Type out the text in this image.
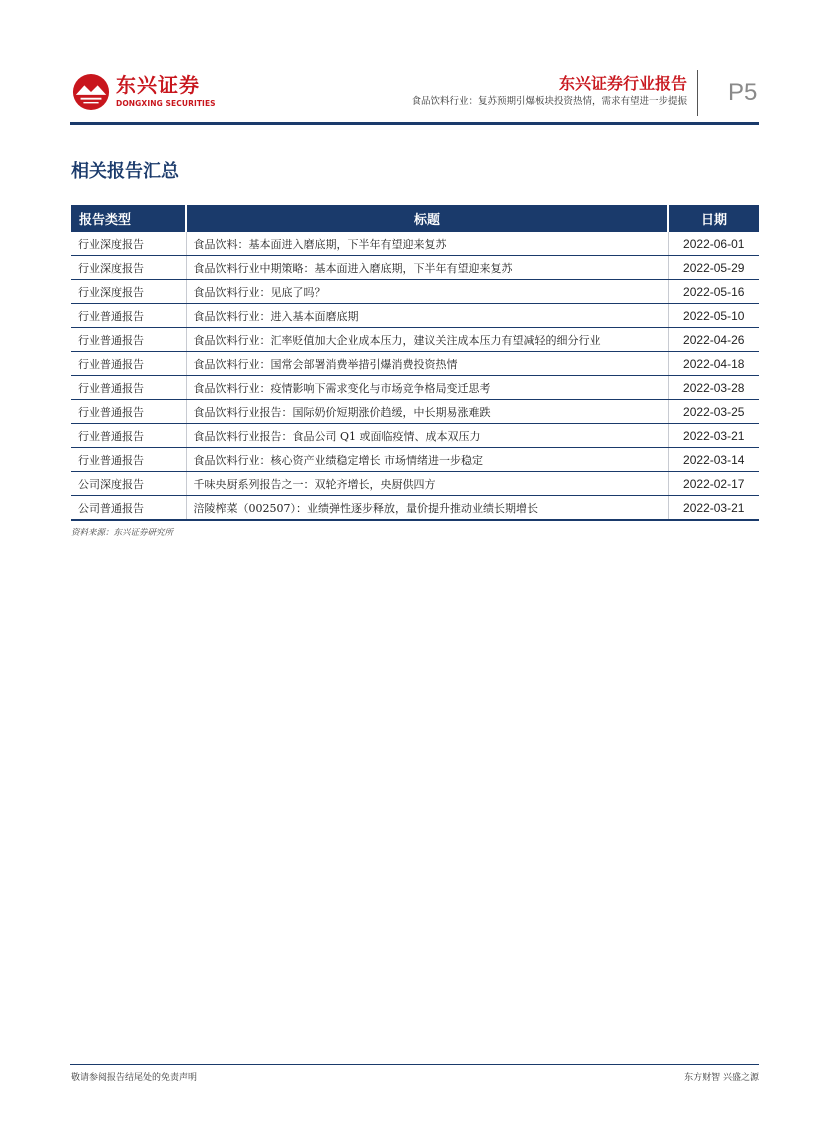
东兴证券
DONGXING SECURITIES
东兴证券行业报告
食品饮料行业：复苏预期引爆板块投资热情，需求有望进一步提振 P5
相关报告汇总
报告类型	标题	日期
行业深度报告	食品饮料：基本面进入磨底期，下半年有望迎来复苏	2022-06-01
行业深度报告	食品饮料行业中期策略：基本面进入磨底期，下半年有望迎来复苏	2022-05-29
行业深度报告	食品饮料行业：见底了吗？	2022-05-16
行业普通报告	食品饮料行业：进入基本面磨底期	2022-05-10
行业普通报告	食品饮料行业：汇率贬值加大企业成本压力，建议关注成本压力有望减轻的细分行业	2022-04-26
行业普通报告	食品饮料行业：国常会部署消费举措引爆消费投资热情	2022-04-18
行业普通报告	食品饮料行业：疫情影响下需求变化与市场竞争格局变迁思考	2022-03-28
行业普通报告	食品饮料行业报告：国际奶价短期涨价趋缓，中长期易涨难跌	2022-03-25
行业普通报告	食品饮料行业报告：食品公司 Q1 或面临疫情、成本双压力	2022-03-21
行业普通报告	食品饮料行业：核心资产业绩稳定增长 市场情绪进一步稳定	2022-03-14
公司深度报告	千味央厨系列报告之一：双轮齐增长，央厨供四方	2022-02-17
公司普通报告	涪陵榨菜（002507）：业绩弹性逐步释放，量价提升推动业绩长期增长	2022-03-21
资料来源：东兴证券研究所
敬请参阅报告结尾处的免责声明	东方财智 兴盛之源
